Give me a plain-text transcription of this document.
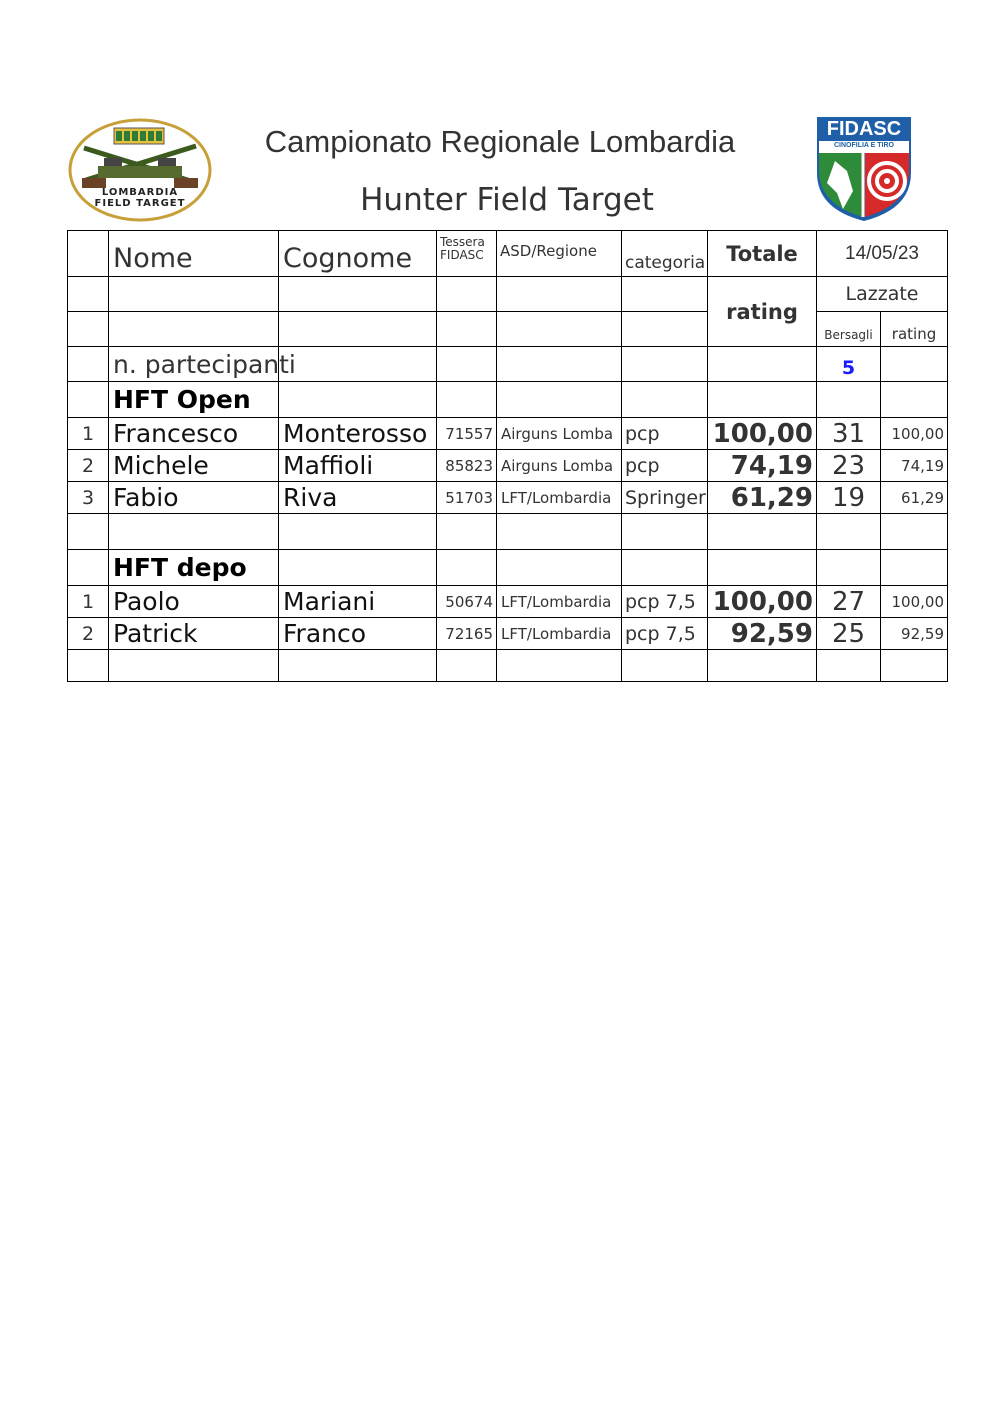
LOMBARDIA
FIELD TARGET
Campionato Regionale Lombardia
Hunter Field Target
FIDASC
CINOFILIA E TIRO
	Nome	Cognome	Tessera FIDASC	ASD/Regione	categoria	Totale	14/05/23	
						rating	Lazzate	
							Bersagli	rating
	n. partecipanti						5	
	HFT Open							
1	Francesco	Monterosso	71557	Airguns Lomba	pcp	100,00	31	100,00
2	Michele	Maffioli	85823	Airguns Lomba	pcp	74,19	23	74,19
3	Fabio	Riva	51703	LFT/Lombardia	Springer	61,29	19	61,29

	HFT depo							
1	Paolo	Mariani	50674	LFT/Lombardia	pcp 7,5	100,00	27	100,00
2	Patrick	Franco	72165	LFT/Lombardia	pcp 7,5	92,59	25	92,59
